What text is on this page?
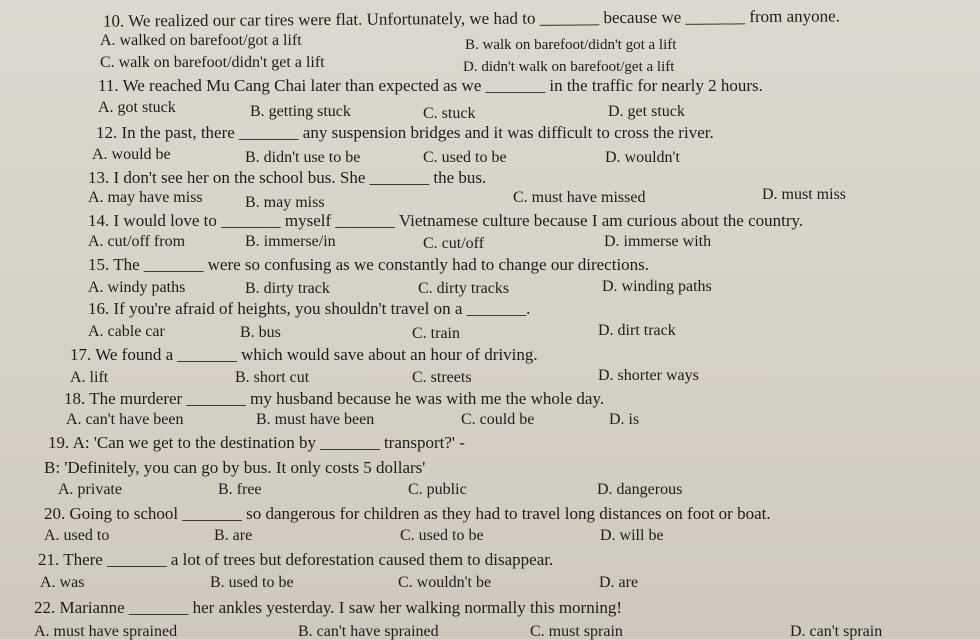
10. We realized our car tires were flat. Unfortunately, we had to _______ because we _______ from anyone.
A. walked on barefoot/got a lift	B. walk on barefoot/didn't got a lift
C. walk on barefoot/didn't get a lift	D. didn't walk on barefoot/get a lift
11. We reached Mu Cang Chai later than expected as we _______ in the traffic for nearly 2 hours.
A. got stuck	B. getting stuck	C. stuck	D. get stuck
12. In the past, there _______ any suspension bridges and it was difficult to cross the river.
A. would be	B. didn't use to be	C. used to be	D. wouldn't
13. I don't see her on the school bus. She _______ the bus.
A. may have miss	B. may miss	C. must have missed	D. must miss
14. I would love to _______ myself _______ Vietnamese culture because I am curious about the country.
A. cut/off from	B. immerse/in	C. cut/off	D. immerse with
15. The _______ were so confusing as we constantly had to change our directions.
A. windy paths	B. dirty track	C. dirty tracks	D. winding paths
16. If you're afraid of heights, you shouldn't travel on a _______.
A. cable car	B. bus	C. train	D. dirt track
17. We found a _______ which would save about an hour of driving.
A. lift	B. short cut	C. streets	D. shorter ways
18. The murderer _______ my husband because he was with me the whole day.
A. can't have been	B. must have been	C. could be	D. is
19. A: 'Can we get to the destination by _______ transport?' -
B: 'Definitely, you can go by bus. It only costs 5 dollars'
A. private	B. free	C. public	D. dangerous
20. Going to school _______ so dangerous for children as they had to travel long distances on foot or boat.
A. used to	B. are	C. used to be	D. will be
21. There _______ a lot of trees but deforestation caused them to disappear.
A. was	B. used to be	C. wouldn't be	D. are
22. Marianne _______ her ankles yesterday. I saw her walking normally this morning!
A. must have sprained	B. can't have sprained	C. must sprain	D. can't sprain
